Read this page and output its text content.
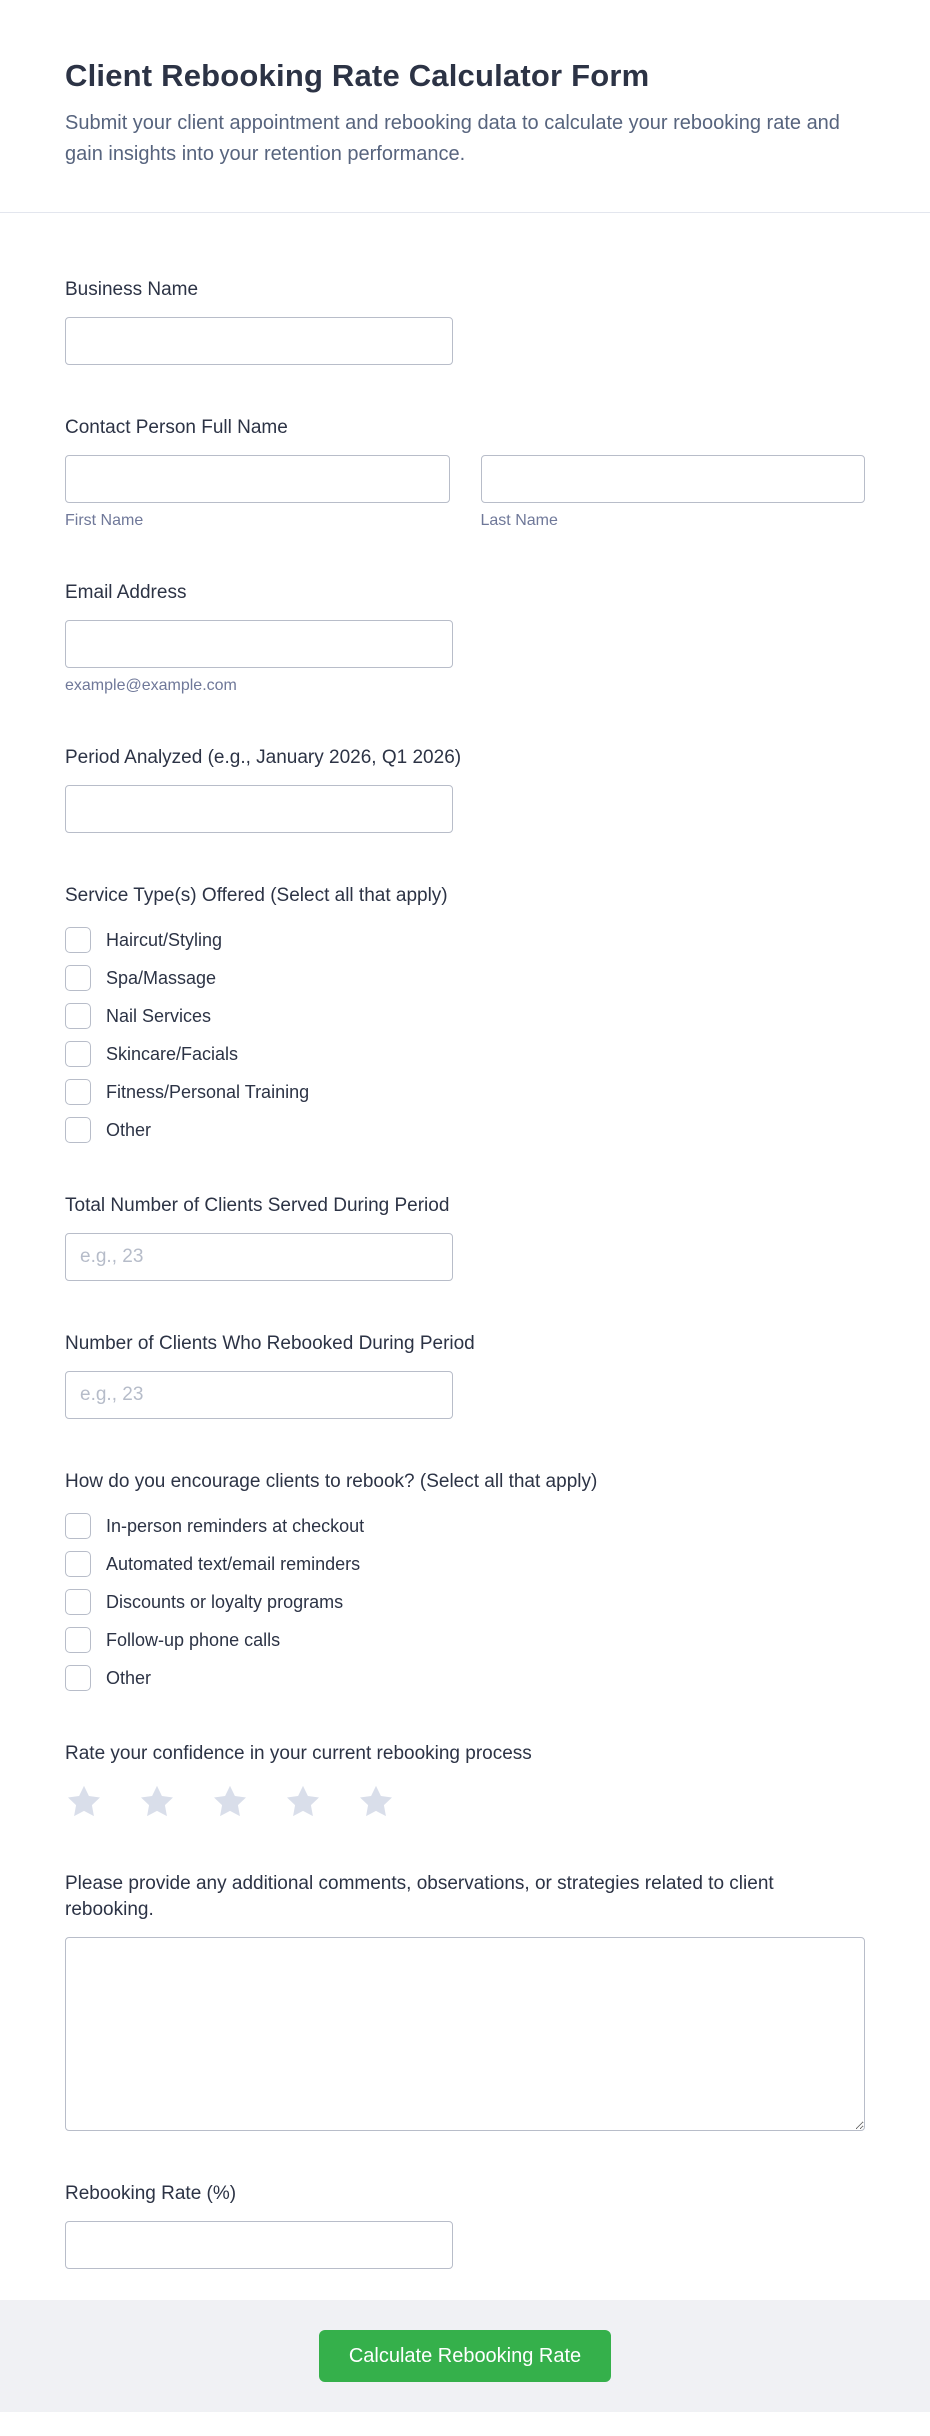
Client Rebooking Rate Calculator Form

Submit your client appointment and rebooking data to calculate your rebooking rate and gain insights into your retention performance.

Business Name
Contact Person Full Name
First Name	Last Name
Email Address
example@example.com
Period Analyzed (e.g., January 2026, Q1 2026)
Service Type(s) Offered (Select all that apply)
Haircut/Styling
Spa/Massage
Nail Services
Skincare/Facials
Fitness/Personal Training
Other
Total Number of Clients Served During Period
e.g., 23
Number of Clients Who Rebooked During Period
e.g., 23
How do you encourage clients to rebook? (Select all that apply)
In-person reminders at checkout
Automated text/email reminders
Discounts or loyalty programs
Follow-up phone calls
Other
Rate your confidence in your current rebooking process
Please provide any additional comments, observations, or strategies related to client rebooking.
Rebooking Rate (%)
Calculate Rebooking Rate
